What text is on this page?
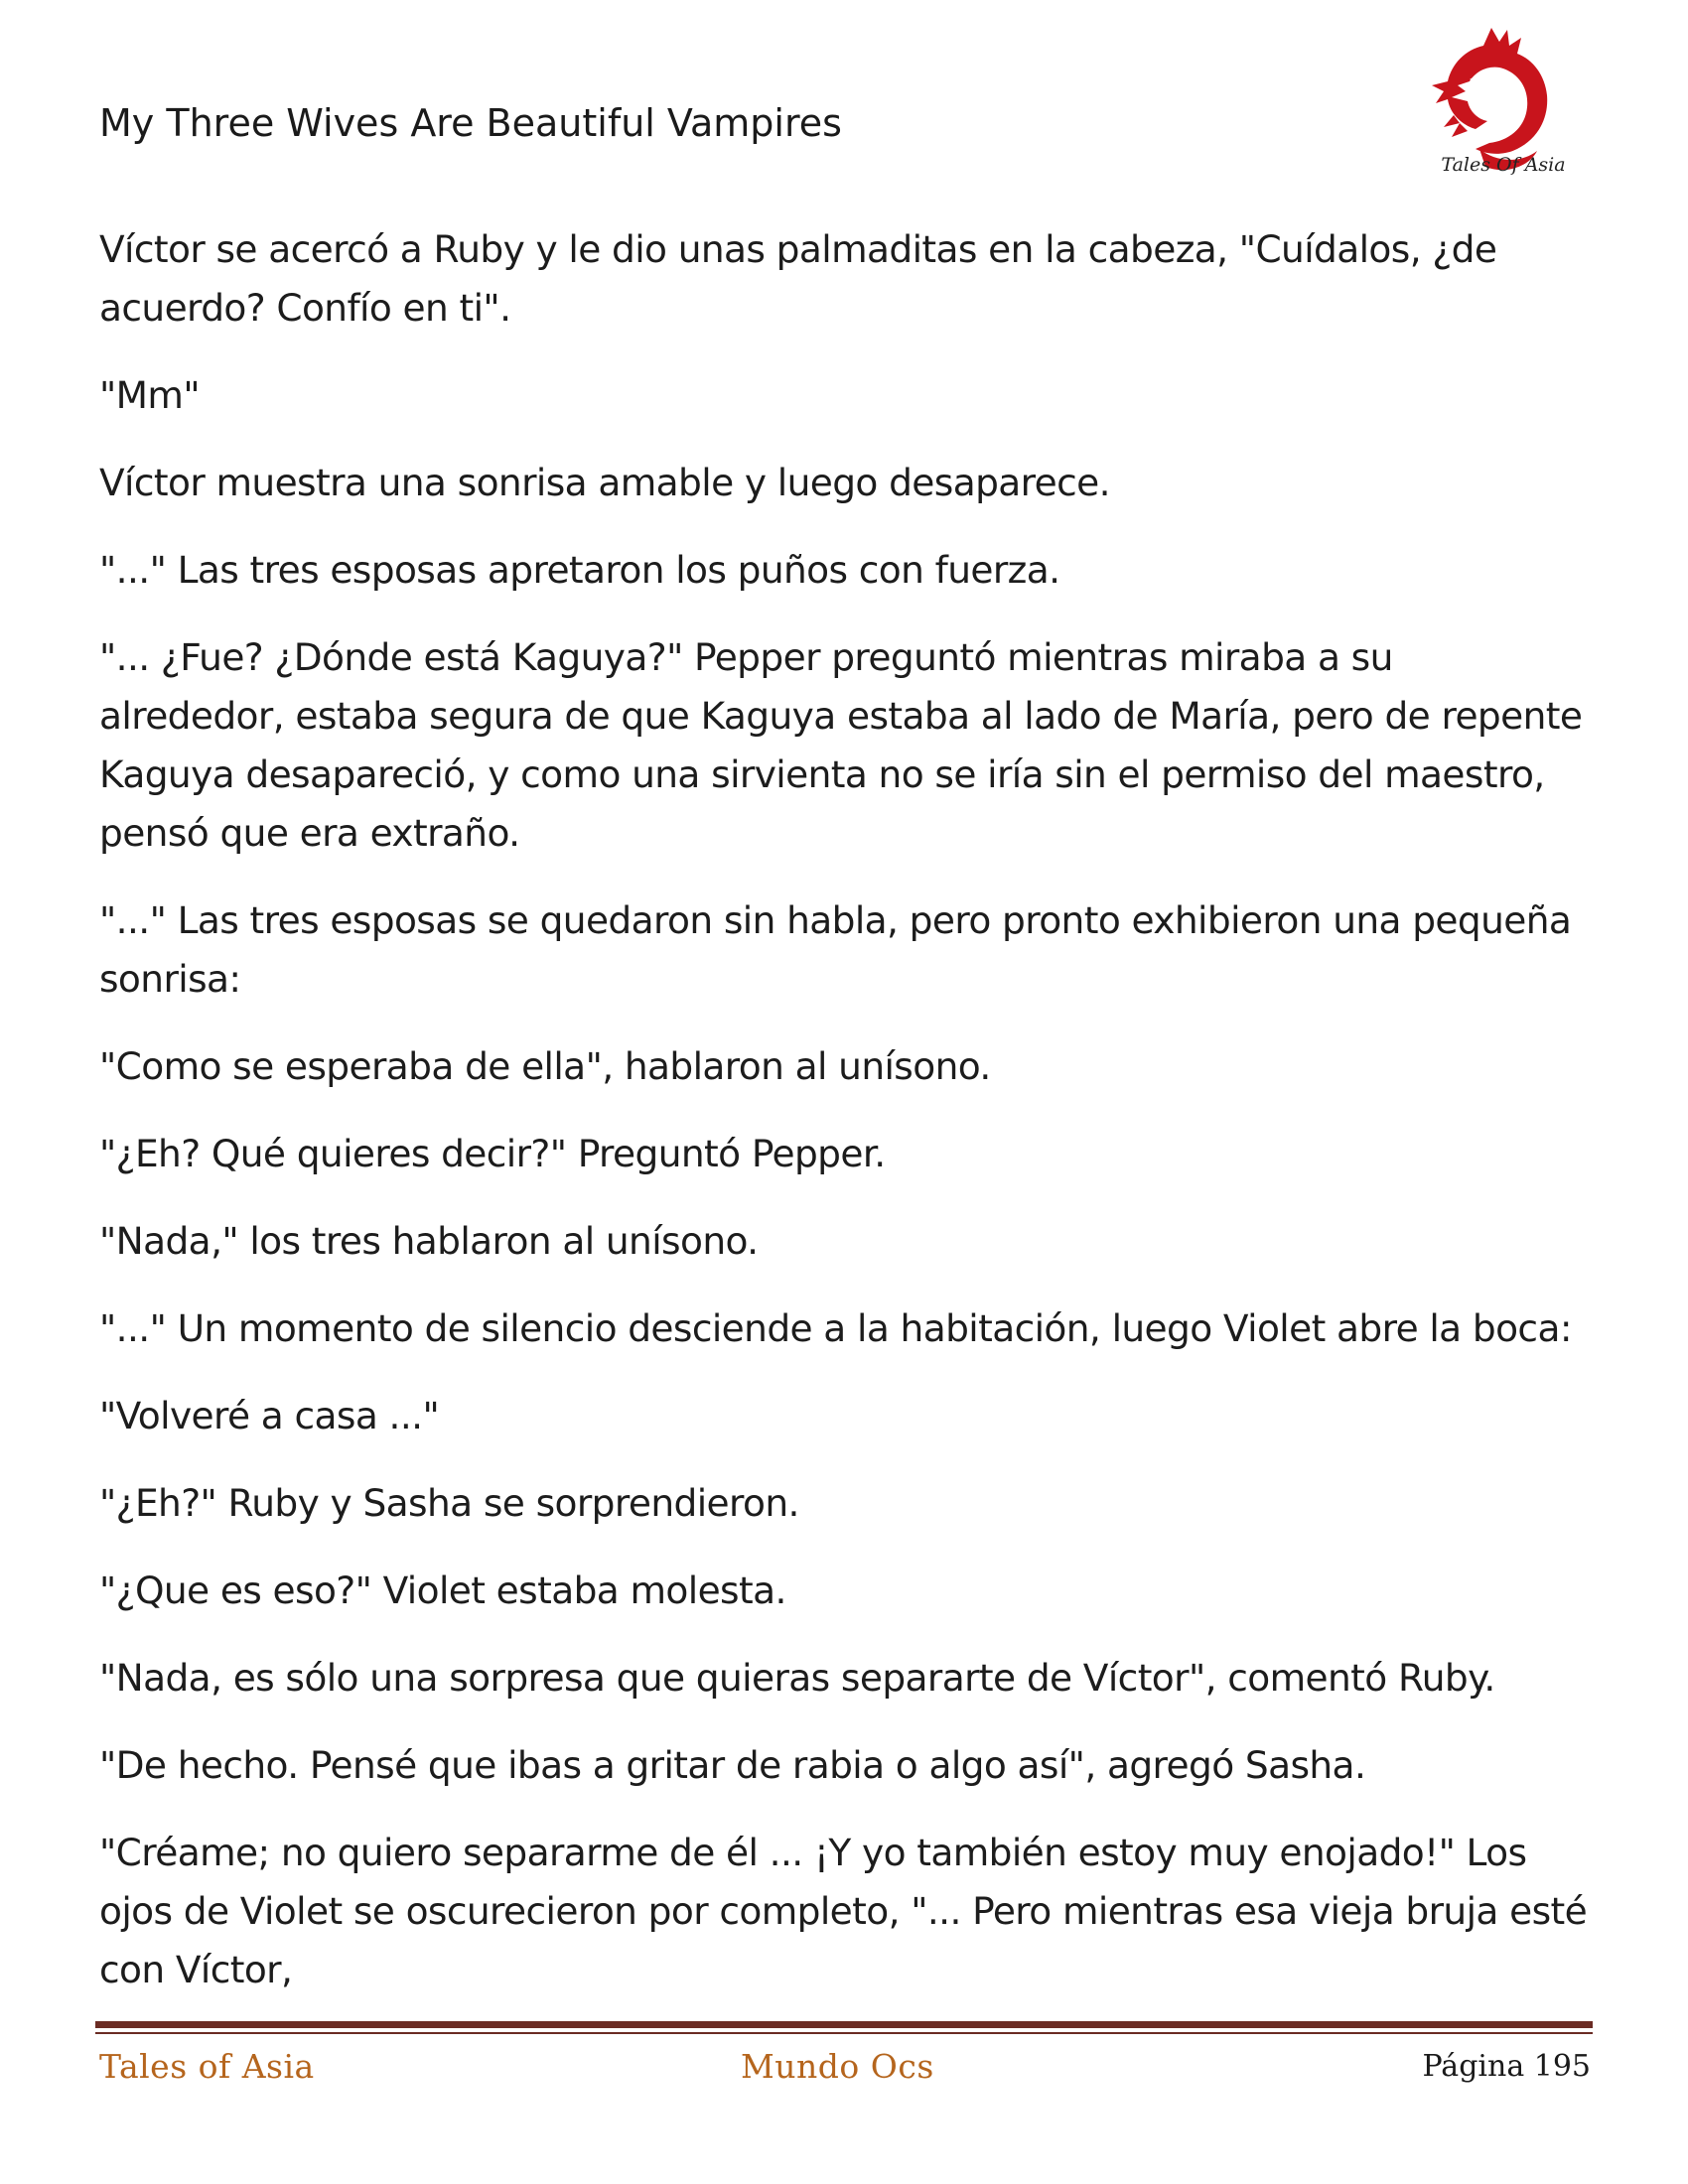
My Three Wives Are Beautiful Vampires
Tales Of Asia

Víctor se acercó a Ruby y le dio unas palmaditas en la cabeza, "Cuídalos, ¿de acuerdo? Confío en ti".

"Mm"

Víctor muestra una sonrisa amable y luego desaparece.

"..." Las tres esposas apretaron los puños con fuerza.

"... ¿Fue? ¿Dónde está Kaguya?" Pepper preguntó mientras miraba a su alrededor, estaba segura de que Kaguya estaba al lado de María, pero de repente Kaguya desapareció, y como una sirvienta no se iría sin el permiso del maestro, pensó que era extraño.

"..." Las tres esposas se quedaron sin habla, pero pronto exhibieron una pequeña sonrisa:

"Como se esperaba de ella", hablaron al unísono.

"¿Eh? Qué quieres decir?" Preguntó Pepper.

"Nada," los tres hablaron al unísono.

"..." Un momento de silencio desciende a la habitación, luego Violet abre la boca:

"Volveré a casa ..."

"¿Eh?" Ruby y Sasha se sorprendieron.

"¿Que es eso?" Violet estaba molesta.

"Nada, es sólo una sorpresa que quieras separarte de Víctor", comentó Ruby.

"De hecho. Pensé que ibas a gritar de rabia o algo así", agregó Sasha.

"Créame; no quiero separarme de él ... ¡Y yo también estoy muy enojado!" Los ojos de Violet se oscurecieron por completo, "... Pero mientras esa vieja bruja esté con Víctor,

Tales of Asia	Mundo Ocs	Página 195
